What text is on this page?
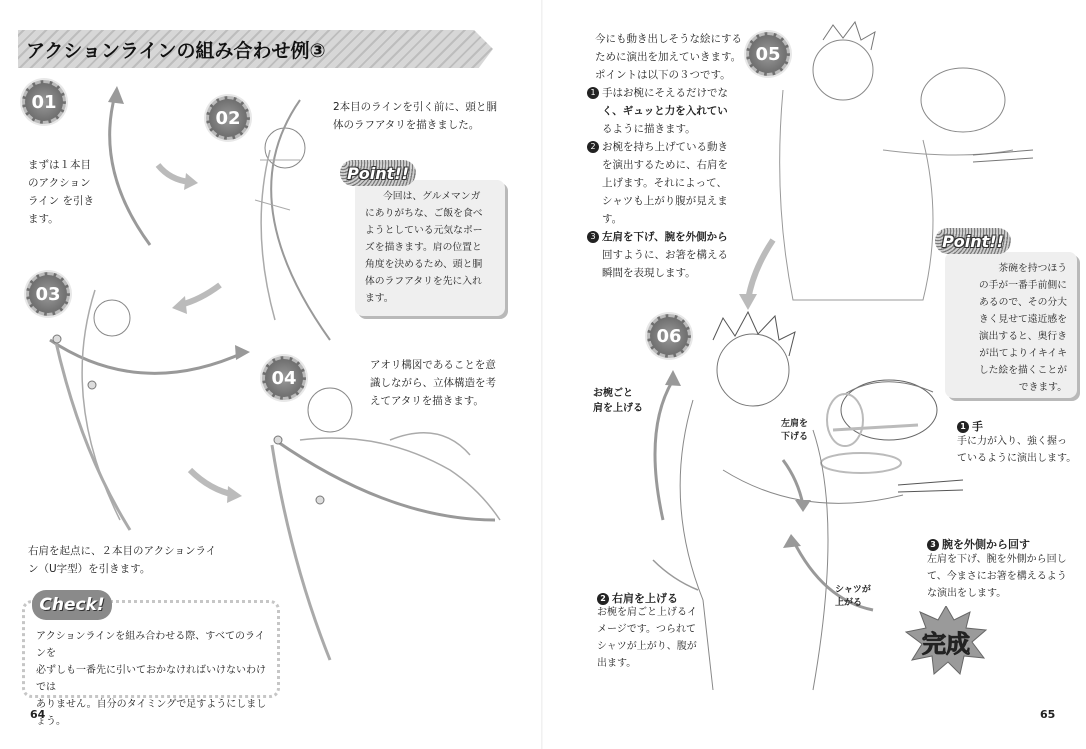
アクションラインの組み合わせ例③
01
まずは１本目
のアクション
ライン を引き
ます。
02
2本目のラインを引く前に、頭と胴
体のラフアタリを描きました。
今回は、グルメマンガ
にありがちな、ご飯を食べ
ようとしている元気なポー
ズを描きます。肩の位置と
角度を決めるため、頭と胴
体のラフアタリを先に入れ
ます。
Point!!
03
右肩を起点に、２本目のアクションライ
ン（U字型）を引きます。
04
アオリ構図であることを意
識しながら、立体構造を考
えてアタリを描きます。
Check!
アクションラインを組み合わせる際、すべてのラインを
必ずしも一番先に引いておかなければいけないわけでは
ありません。自分のタイミングで足すようにしましょう。
64
今にも動き出しそうな絵にする
ために演出を加えていきます。
ポイントは以下の３つです。
1 手はお椀にそえるだけでな
く、ギュッと力を入れてい
るように描きます。
2 お椀を持ち上げている動き
を演出するために、右肩を
上げます。それによって、
シャツも上がり腹が見えま
す。
3 左肩を下げ、腕を外側から
回すように、お箸を構える
瞬間を表現します。
05
06
茶碗を持つほう
の手が一番手前側に
あるので、その分大
きく見せて遠近感を
演出すると、奥行き
が出てよりイキイキ
した絵を描くことが
できます。
Point!!
お椀ごと
肩を上げる
左肩を
下げる
シャツが
上がる
1 手
手に力が入り、強く握っ
ているように演出します。
3 腕を外側から回す
左肩を下げ、腕を外側から回し
て、今まさにお箸を構えるよう
な演出をします。
2 右肩を上げる
お椀を肩ごと上げるイ
メージです。つられて
シャツが上がり、腹が
出ます。
完成
65
